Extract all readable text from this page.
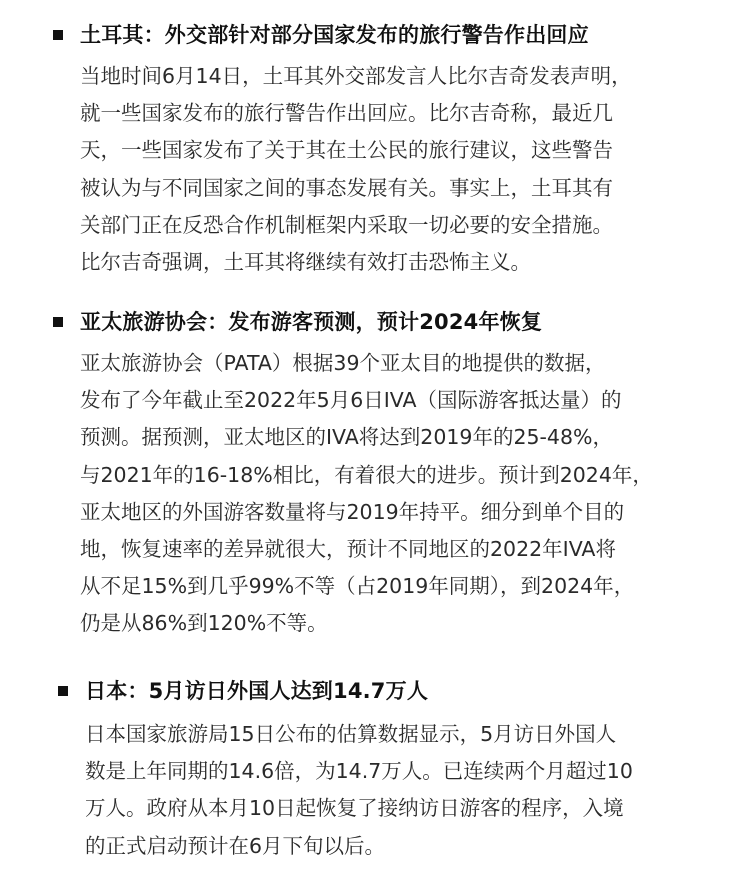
土耳其：外交部针对部分国家发布的旅行警告作出回应
当地时间6月14日，土耳其外交部发言人比尔吉奇发表声明，
就一些国家发布的旅行警告作出回应。比尔吉奇称，最近几
天，一些国家发布了关于其在土公民的旅行建议，这些警告
被认为与不同国家之间的事态发展有关。事实上，土耳其有
关部门正在反恐合作机制框架内采取一切必要的安全措施。
比尔吉奇强调，土耳其将继续有效打击恐怖主义。
亚太旅游协会：发布游客预测，预计2024年恢复
亚太旅游协会（PATA）根据39个亚太目的地提供的数据，
发布了今年截止至2022年5月6日IVA（国际游客抵达量）的
预测。据预测，亚太地区的IVA将达到2019年的25-48%，
与2021年的16-18%相比，有着很大的进步。预计到2024年，
亚太地区的外国游客数量将与2019年持平。细分到单个目的
地，恢复速率的差异就很大，预计不同地区的2022年IVA将
从不足15%到几乎99%不等（占2019年同期），到2024年，
仍是从86%到120%不等。
日本：5月访日外国人达到14.7万人
日本国家旅游局15日公布的估算数据显示，5月访日外国人
数是上年同期的14.6倍，为14.7万人。已连续两个月超过10
万人。政府从本月10日起恢复了接纳访日游客的程序，入境
的正式启动预计在6月下旬以后。
